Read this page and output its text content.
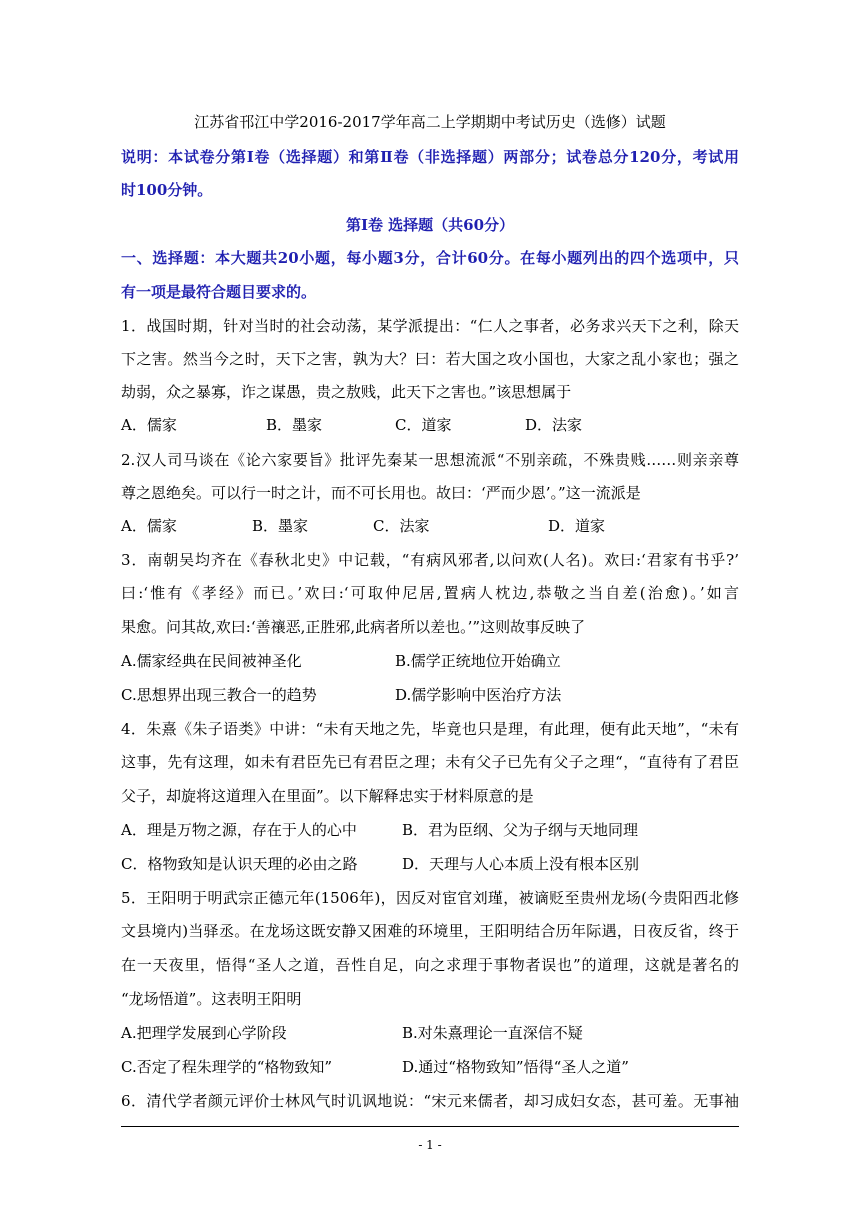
江苏省邗江中学2016-2017学年高二上学期期中考试历史（选修）试题
说明：本试卷分第Ⅰ卷（选择题）和第Ⅱ卷（非选择题）两部分；试卷总分120分，考试用
时100分钟。
第Ⅰ卷 选择题（共60分）
一、选择题：本大题共20小题，每小题3分，合计60分。在每小题列出的四个选项中，只
有一项是最符合题目要求的。
1．战国时期，针对当时的社会动荡，某学派提出：“仁人之事者，必务求兴天下之利，除天
下之害。然当今之时，天下之害，孰为大？曰：若大国之攻小国也，大家之乱小家也；强之
劫弱，众之暴寡，诈之谋愚，贵之敖贱，此天下之害也。”该思想属于
A．儒家	B．墨家	C．道家	D．法家
2.汉人司马谈在《论六家要旨》批评先秦某一思想流派“不别亲疏，不殊贵贱……则亲亲尊
尊之恩绝矣。可以行一时之计，而不可长用也。故曰：‘严而少恩’。”这一流派是
A．儒家	B．墨家	C．法家	D．道家
3．南朝吴均齐在《春秋北史》中记载，“有病风邪者,以问欢(人名)。欢曰:‘君家有书乎?’
曰:‘惟有《孝经》而已。’欢曰:‘可取仲尼居,置病人枕边,恭敬之当自差(治愈)。’如言
果愈。问其故,欢曰:‘善禳恶,正胜邪,此病者所以差也。’”这则故事反映了
A.儒家经典在民间被神圣化	B.儒学正统地位开始确立
C.思想界出现三教合一的趋势	D.儒学影响中医治疗方法
4．朱熹《朱子语类》中讲：“未有天地之先，毕竟也只是理，有此理，便有此天地”，“未有
这事，先有这理，如未有君臣先已有君臣之理；未有父子已先有父子之理“，“直待有了君臣
父子，却旋将这道理入在里面”。以下解释忠实于材料原意的是
A．理是万物之源，存在于人的心中	B．君为臣纲、父为子纲与天地同理
C．格物致知是认识天理的必由之路	D．天理与人心本质上没有根本区别
5．王阳明于明武宗正德元年(1506年)，因反对宦官刘瑾，被谪贬至贵州龙场(今贵阳西北修
文县境内)当驿丞。在龙场这既安静又困难的环境里，王阳明结合历年际遇，日夜反省，终于
在一天夜里，悟得“圣人之道，吾性自足，向之求理于事物者误也”的道理，这就是著名的
“龙场悟道”。这表明王阳明
A.把理学发展到心学阶段	B.对朱熹理论一直深信不疑
C.否定了程朱理学的“格物致知”	D.通过“格物致知”悟得“圣人之道”
6．清代学者颜元评价士林风气时讥讽地说：“宋元来儒者，却习成妇女态，甚可羞。无事袖
- 1 -
